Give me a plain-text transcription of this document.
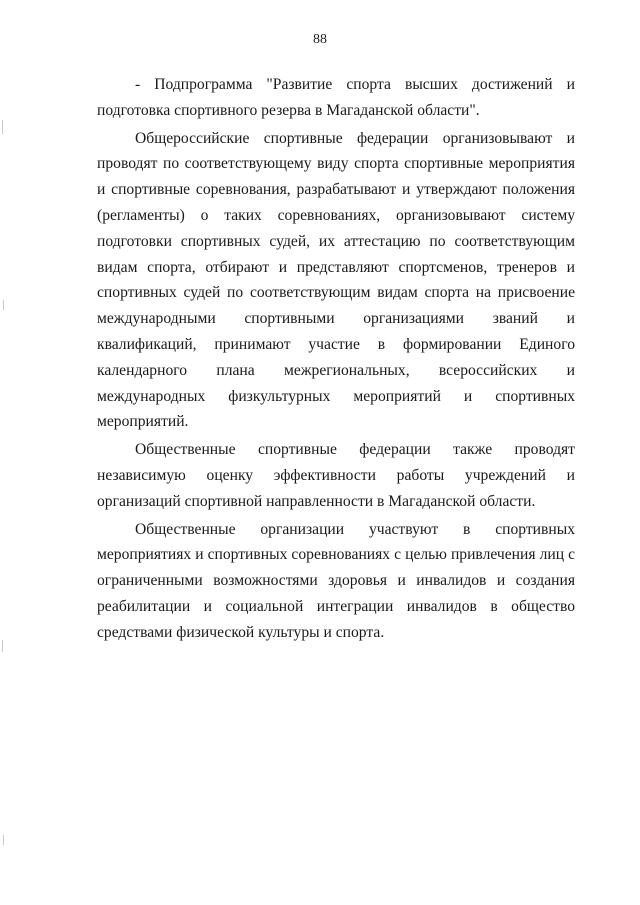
88

- Подпрограмма "Развитие спорта высших достижений и подготовка спортивного резерва в Магаданской области".

Общероссийские спортивные федерации организовывают и проводят по соответствующему виду спорта спортивные мероприятия и спортивные соревнования, разрабатывают и утверждают положения (регламенты) о таких соревнованиях, организовывают систему подготовки спортивных судей, их аттестацию по соответствующим видам спорта, отбирают и представляют спортсменов, тренеров и спортивных судей по соответствующим видам спорта на присвоение международными спортивными организациями званий и квалификаций, принимают участие в формировании Единого календарного плана межрегиональных, всероссийских и международных физкультурных мероприятий и спортивных мероприятий.

Общественные спортивные федерации также проводят независимую оценку эффективности работы учреждений и организаций спортивной направленности в Магаданской области.

Общественные организации участвуют в спортивных мероприятиях и спортивных соревнованиях с целью привлечения лиц с ограниченными возможностями здоровья и инвалидов и создания реабилитации и социальной интеграции инвалидов в общество средствами физической культуры и спорта.
